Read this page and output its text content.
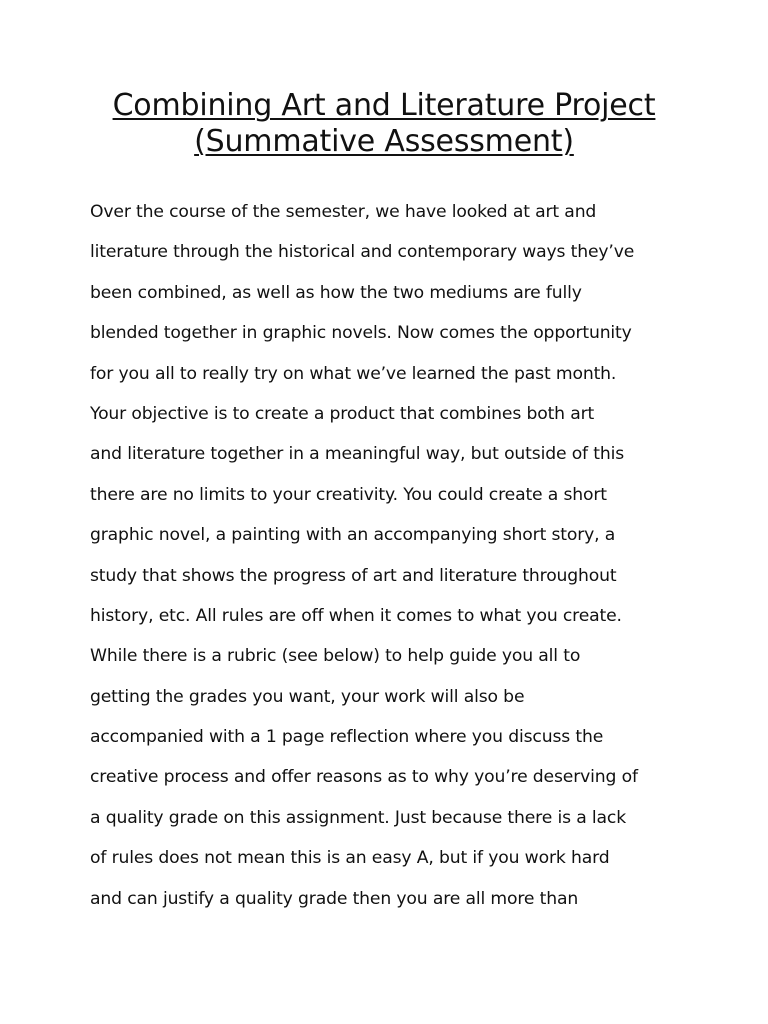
Combining Art and Literature Project
(Summative Assessment)
Over the course of the semester, we have looked at art and
literature through the historical and contemporary ways they’ve
been combined, as well as how the two mediums are fully
blended together in graphic novels. Now comes the opportunity
for you all to really try on what we’ve learned the past month.
Your objective is to create a product that combines both art
and literature together in a meaningful way, but outside of this
there are no limits to your creativity. You could create a short
graphic novel, a painting with an accompanying short story, a
study that shows the progress of art and literature throughout
history, etc. All rules are off when it comes to what you create.
While there is a rubric (see below) to help guide you all to
getting the grades you want, your work will also be
accompanied with a 1 page reflection where you discuss the
creative process and offer reasons as to why you’re deserving of
a quality grade on this assignment. Just because there is a lack
of rules does not mean this is an easy A, but if you work hard
and can justify a quality grade then you are all more than
